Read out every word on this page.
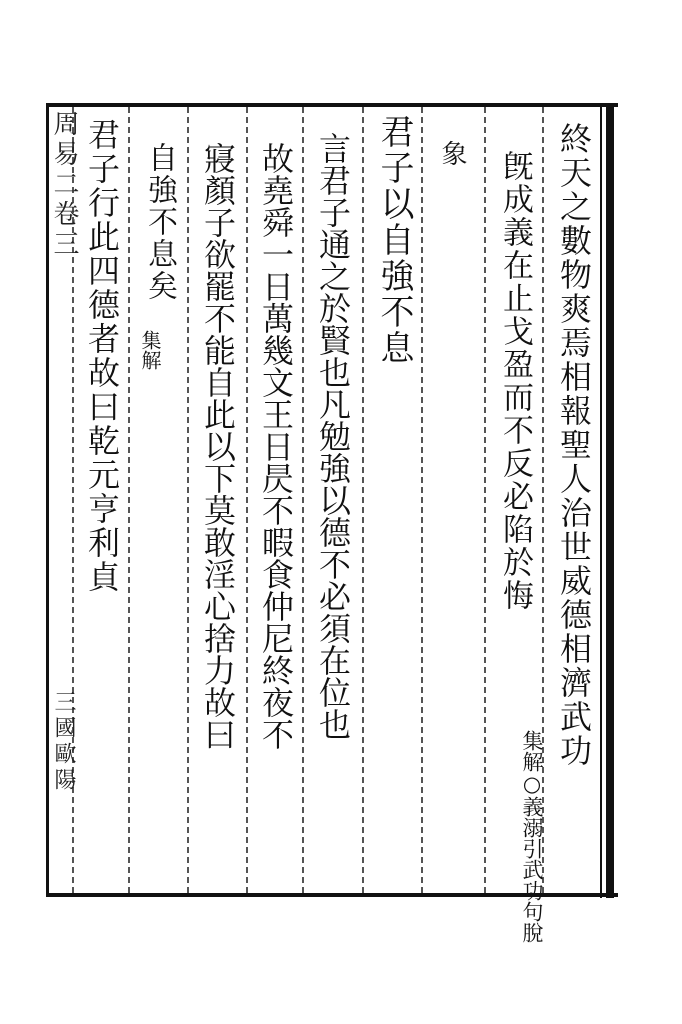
終天之數物爽焉相報聖人治世威德相濟武功
旣成義在止戈盈而不反必陷於悔
集解○義溺引武功句脫
象
君子以自強不息
言君子通之於賢也凡勉強以德不必須在位也
故堯舜一日萬幾文王日昃不暇食仲尼終夜不
寢顏子欲罷不能自此以下莫敢淫心捨力故曰
自強不息矣
集解
君子行此四德者故曰乾元亨利貞
周易二卷三
三國歐陽
